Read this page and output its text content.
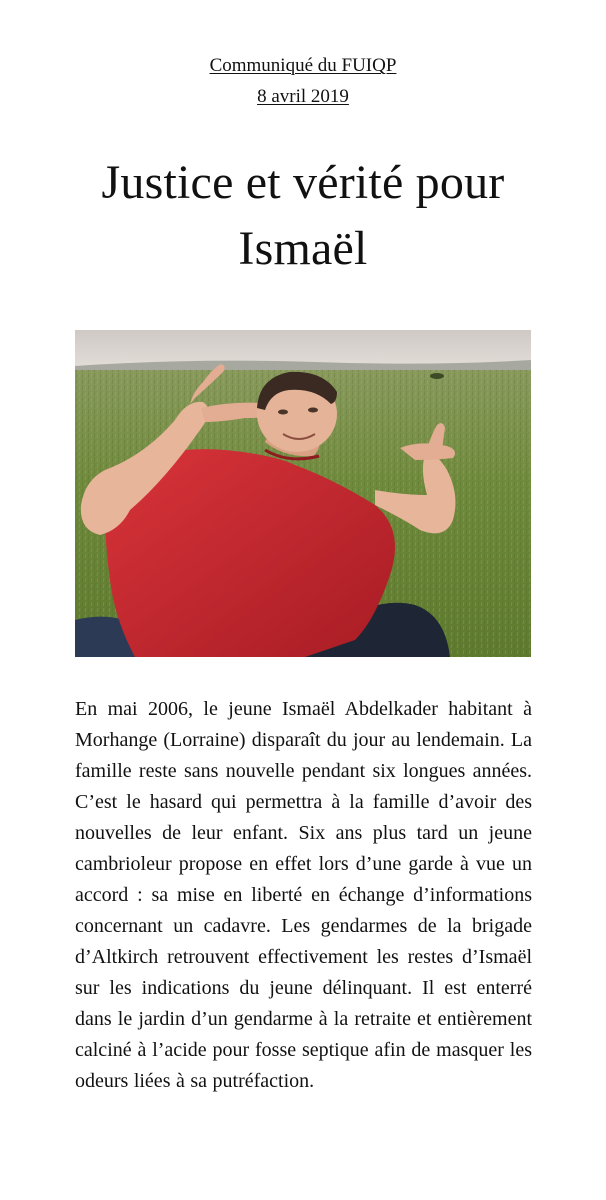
Communiqué du FUIQP
8 avril 2019
Justice et vérité pour
Ismaël

En mai 2006, le jeune Ismaël Abdelkader habitant à Morhange (Lorraine) disparaît du jour au lendemain. La famille reste sans nouvelle pendant six longues années. C’est le hasard qui permettra à la famille d’avoir des nouvelles de leur enfant. Six ans plus tard un jeune cambrioleur propose en effet lors d’une garde à vue un accord : sa mise en liberté en échange d’informations concernant un cadavre. Les gendarmes de la brigade d’Altkirch retrouvent effectivement les restes d’Ismaël sur les indications du jeune délinquant. Il est enterré dans le jardin d’un gendarme à la retraite et entièrement calciné à l’acide pour fosse septique afin de masquer les odeurs liées à sa putréfaction.
